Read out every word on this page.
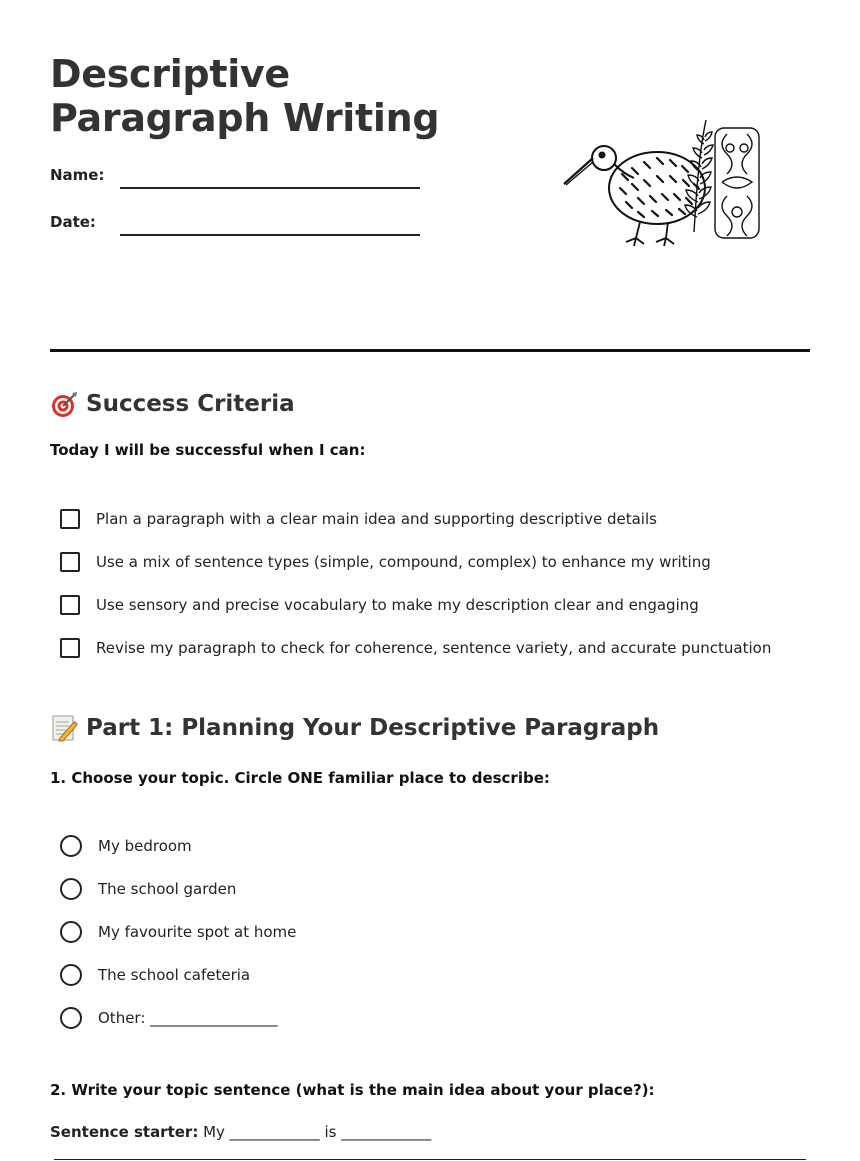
Descriptive Paragraph Writing
Name:
Date:
Success Criteria
Today I will be successful when I can:
Plan a paragraph with a clear main idea and supporting descriptive details
Use a mix of sentence types (simple, compound, complex) to enhance my writing
Use sensory and precise vocabulary to make my description clear and engaging
Revise my paragraph to check for coherence, sentence variety, and accurate punctuation
Part 1: Planning Your Descriptive Paragraph
1. Choose your topic. Circle ONE familiar place to describe:
My bedroom
The school garden
My favourite spot at home
The school cafeteria
Other: _________________
2. Write your topic sentence (what is the main idea about your place?):
Sentence starter: My ____________ is ____________
